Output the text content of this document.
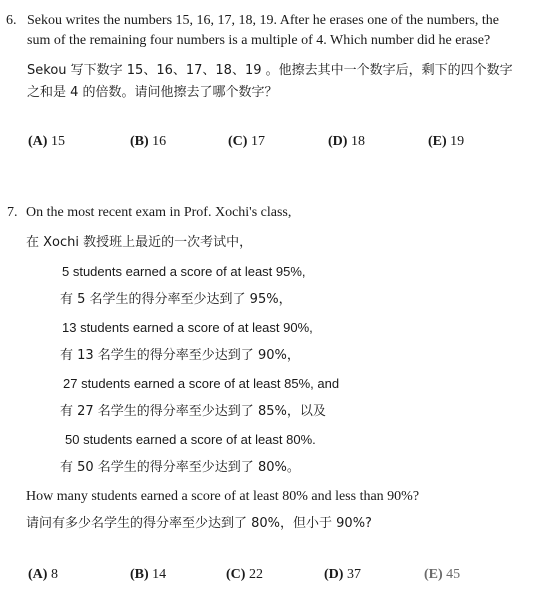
6. Sekou writes the numbers 15, 16, 17, 18, 19. After he erases one of the numbers, the
sum of the remaining four numbers is a multiple of 4. Which number did he erase?
Sekou 写下数字 15、16、17、18、19 。他擦去其中一个数字后，剩下的四个数字
之和是 4 的倍数。请问他擦去了哪个数字？
(A) 15	(B) 16	(C) 17	(D) 18	(E) 19
7. On the most recent exam in Prof. Xochi's class,
在 Xochi 教授班上最近的一次考试中，
5 students earned a score of at least 95%,
有 5 名学生的得分率至少达到了 95%，
13 students earned a score of at least 90%,
有 13 名学生的得分率至少达到了 90%，
27 students earned a score of at least 85%, and
有 27 名学生的得分率至少达到了 85%，以及
50 students earned a score of at least 80%.
有 50 名学生的得分率至少达到了 80%。
How many students earned a score of at least 80% and less than 90%?
请问有多少名学生的得分率至少达到了 80%，但小于 90%?
(A) 8	(B) 14	(C) 22	(D) 37	(E) 45
